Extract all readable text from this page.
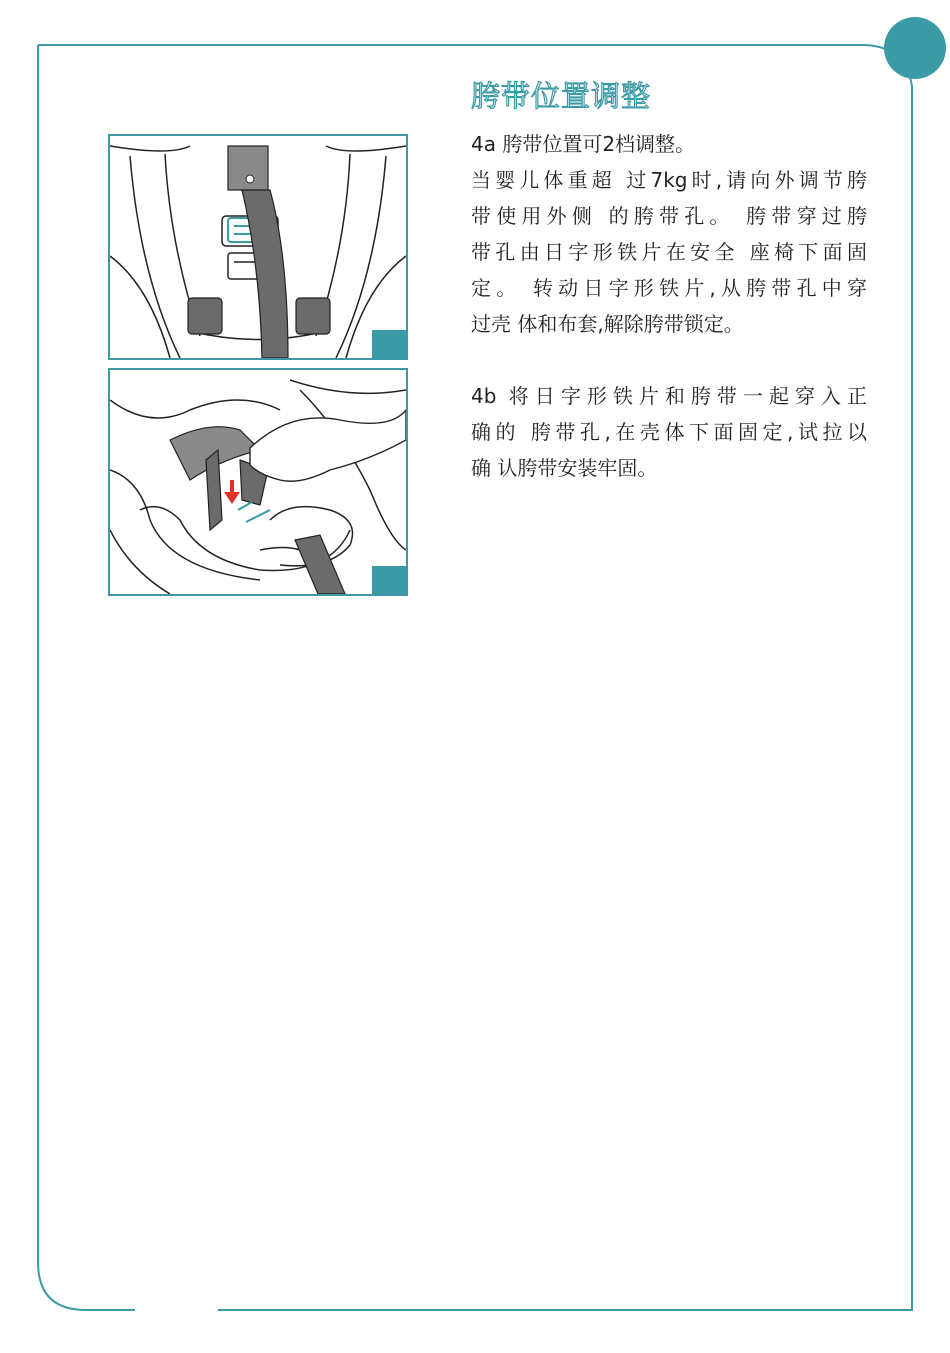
胯带位置调整
4a 胯带位置可2档调整。
当婴儿体重超 过7kg时,请向外调节胯
带使用外侧 的胯带孔。 胯带穿过胯
带孔由日字形铁片在安全 座椅下面固
定。 转动日字形铁片,从胯带孔中穿
过壳 体和布套,解除胯带锁定。
4b 将日字形铁片和胯带一起穿入正
确的 胯带孔,在壳体下面固定,试拉以
确 认胯带安装牢固。
